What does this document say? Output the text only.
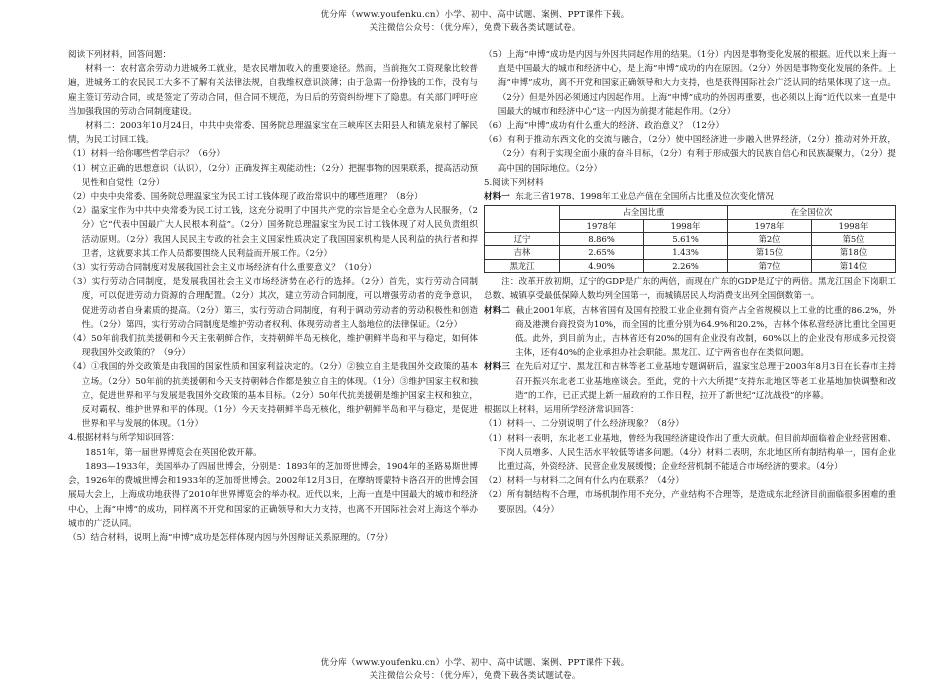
优分库（www.youfenku.cn）小学、初中、高中试题、案例、PPT课件下载。
关注微信公众号：（优分库），免费下载各类试题试卷。

阅读下列材料，回答问题：

材料一：农村富余劳动力进城务工就业，是农民增加收入的重要途径。然而，当前拖欠工资现象比较普遍，进城务工的农民民工大多不了解有关法律法规，自我维权意识淡薄；由于急需一份挣钱的工作，没有与雇主签订劳动合同，或是签定了劳动合同，但合同不规范，为日后的劳资纠纷埋下了隐患。有关部门呼吁应当加强我国的劳动合同制度建设。

材料二：2003年10月24日，中共中央常委、国务院总理温家宝在三峡库区去阳县人和镇龙泉村了解民情，为民工讨回工钱。

（1）材料一给你哪些哲学启示？（6分）

（1）树立正确的思想意识（认识），（2分）正确发挥主观能动性；（2分）把握事物的因果联系，提高活动预见性和自觉性（2分）

（2）中央中央常委、国务院总理温家宝为民工讨工钱体现了政治常识中的哪些道理？（8分）

（2）温家宝作为中共中央常委为民工讨工钱，这充分说明了中国共产党的宗旨是全心全意为人民服务，（2分）它“代表中国最广大人民根本利益”。（2分）国务院总理温家宝为民工讨工钱体现了对人民负责组织活动原则。（2分）我国人民民主专政的社会主义国家性质决定了我国国家机构是人民利益的执行者和捍卫者，这就要求其工作人员都要围绕人民利益而开展工作。（2分）

（3）实行劳动合同制度对发展我国社会主义市场经济有什么重要意义？（10分）

（3）实行劳动合同制度，是发展我国社会主义市场经济势在必行的选择。（2分）首先，实行劳动合同制度，可以促进劳动力资源的合理配置。（2分）其次，建立劳动合同制度，可以增强劳动者的竞争意识，促进劳动者自身素质的提高。（2分）第三，实行劳动合同制度，有利于调动劳动者的劳动积极性和创造性。（2分）第四，实行劳动合同制度是维护劳动者权利、体现劳动者主人翁地位的法律保证。（2分）

（4）50年前我们抗美援朝和今天主张朝鲜合作，支持朝鲜半岛无核化，维护朝鲜半岛和平与稳定，如何体现我国外交政策的？（9分）

（4）①我国的外交政策是由我国的国家性质和国家利益决定的。（2分）②独立自主是我国外交政策的基本立场。（2分）50年前的抗美援朝和今天支持朝韩合作都是独立自主的体现。（1分）③维护国家主权和独立，促进世界和平与发展是我国外交政策的基本目标。（2分）50年代抗美援朝是维护国家主权和独立，反对霸权、维护世界和平的体现。（1分）今天支持朝鲜半岛无核化，维护朝鲜半岛和平与稳定，是促进世界和平与发展的体现。（1分）

4.根据材料与所学知识回答：

1851年，第一届世界博览会在英国伦敦开幕。

1893—1933年，美国举办了四届世博会，分别是：1893年的芝加哥世博会，1904年的圣路易斯世博会，1926年的费城世博会和1933年的芝加哥世博会。2002年12月3日，在摩纳哥蒙特卡洛召开的世博会国展局大会上，上海成功地获得了2010年世界博览会的举办权。近代以来，上海一直是中国最大的城市和经济中心，上海“申博”的成功，同样离不开党和国家的正确领导和大力支持，也离不开国际社会对上海这个举办城市的广泛认同。

（5）结合材料，说明上海“申博”成功是怎样体现内因与外因辩证关系原理的。（7分）

（5）上海“申博”成功是内因与外因共同起作用的结果。（1分）内因是事物变化发展的根据。近代以来上海一直是中国最大的城市和经济中心，是上海“申博”成功的内在原因。（2分）外因是事物变化发展的条件。上海“申博”成功，离不开党和国家正确领导和大力支持，也是获得国际社会广泛认同的结果体现了这一点。（2分）但是外因必须通过内因起作用。上海“申博”成功的外因再重要，也必须以上海“近代以来一直是中国最大的城市和经济中心”这一内因为前提才能起作用。（2分）

（6）上海“申博”成功有什么重大的经济、政治意义？（12分）

（6）有利于推动东西文化的交流与融合，（2分）使中国经济进一步融入世界经济，（2分）推动对外开放，（2分）有利于实现全面小康的奋斗目标，（2分）有利于形成强大的民族自信心和民族凝聚力，（2分）提高中国的国际地位。（2分）

5.阅读下列材料

材料一 东北三省1978、1998年工业总产值在全国所占比重及位次变化情况

	占全国比重		在全国位次	
	1978年	1998年	1978年	1998年
辽宁	8.86%	5.61%	第2位	第5位
吉林	2.65%	1.43%	第15位	第18位
黑龙江	4.90%	2.26%	第7位	第14位

注：改革开放初期，辽宁的GDP是广东的两倍，而现在广东的GDP是辽宁的两倍。黑龙江国企下岗职工总数、城镇享受最低保障人数均列全国第一，而城镇居民人均消费支出列全国倒数第一。

材料二 截止2001年底，吉林省国有及国有控股工业企业拥有资产占全省规模以上工业的比重的86.2%，外商及港澳台商投资为10%，而全国的比重分别为64.9%和20.2%，吉林个体私营经济比重比全国更低。此外，到目前为止，吉林省还有20%的国有企业没有改制，60%以上的企业没有形成多元投资主体，还有40%的企业承担办社会职能。黑龙江、辽宁两省也存在类似问题。

材料三 在先后对辽宁、黑龙江和吉林等老工业基地专题调研后，温家宝总理于2003年8月3日在长春市主持召开振兴东北老工业基地座谈会。至此，党的十六大所提“支持东北地区等老工业基地加快调整和改造”的工作，已正式提上新一届政府的工作日程，拉开了新世纪“辽沈战役”的序幕。

根据以上材料，运用所学经济常识回答：

（1）材料一、二分别说明了什么经济现象？（8分）

（1）材料一表明，东北老工业基地，曾经为我国经济建设作出了重大贡献。但目前却面临着企业经营困难、下岗人员增多、人民生活水平较低等诸多问题。（4分）材料二表明，东北地区所有制结构单一，国有企业比重过高，外资经济、民营企业发展缓慢；企业经营机制不能适合市场经济的要求。（4分）

（2）材料一与材料二之间有什么内在联系？（4分）

（2）所有制结构不合理，市场机制作用不充分，产业结构不合理等，是造成东北经济目前面临很多困难的重要原因。（4分）

优分库（www.youfenku.cn）小学、初中、高中试题、案例、PPT课件下载。
关注微信公众号：（优分库），免费下载各类试题试卷。
